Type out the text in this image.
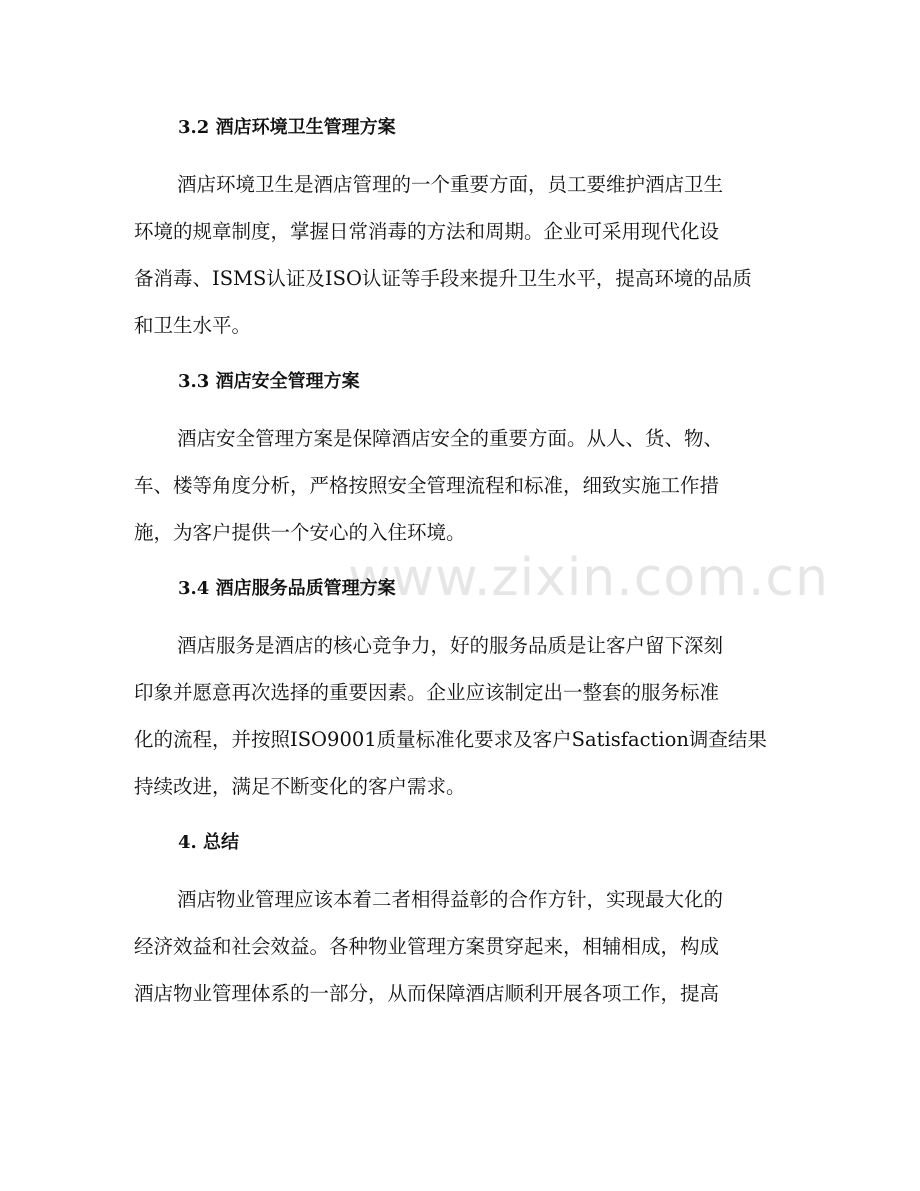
www.zixin.com.cn
3.2 酒店环境卫生管理方案
酒店环境卫生是酒店管理的一个重要方面，员工要维护酒店卫生
环境的规章制度，掌握日常消毒的方法和周期。企业可采用现代化设
备消毒、ISMS认证及ISO认证等手段来提升卫生水平，提高环境的品质
和卫生水平。
3.3 酒店安全管理方案
酒店安全管理方案是保障酒店安全的重要方面。从人、货、物、
车、楼等角度分析，严格按照安全管理流程和标准，细致实施工作措
施，为客户提供一个安心的入住环境。
3.4 酒店服务品质管理方案
酒店服务是酒店的核心竞争力，好的服务品质是让客户留下深刻
印象并愿意再次选择的重要因素。企业应该制定出一整套的服务标准
化的流程，并按照ISO9001质量标准化要求及客户Satisfaction调查结果
持续改进，满足不断变化的客户需求。
4. 总结
酒店物业管理应该本着二者相得益彰的合作方针，实现最大化的
经济效益和社会效益。各种物业管理方案贯穿起来，相辅相成，构成
酒店物业管理体系的一部分，从而保障酒店顺利开展各项工作，提高
